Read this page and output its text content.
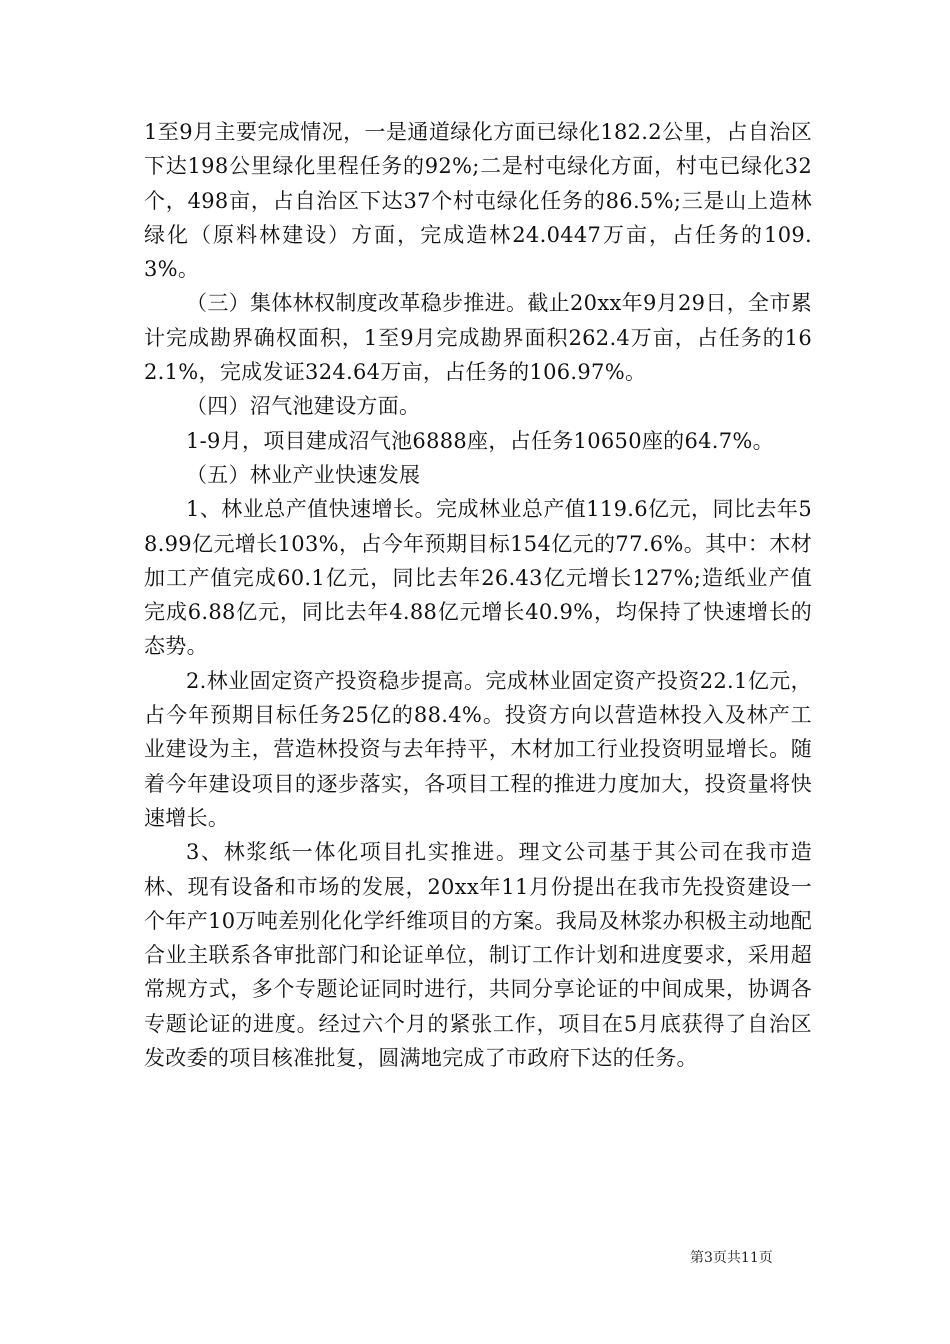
1至9月主要完成情况，一是通道绿化方面已绿化182.2公里，占自治区下达198公里绿化里程任务的92%;二是村屯绿化方面，村屯已绿化32个，498亩，占自治区下达37个村屯绿化任务的86.5%;三是山上造林绿化（原料林建设）方面，完成造林24.0447万亩，占任务的109.3%。

（三）集体林权制度改革稳步推进。截止20xx年9月29日，全市累计完成勘界确权面积，1至9月完成勘界面积262.4万亩，占任务的162.1%，完成发证324.64万亩，占任务的106.97%。

（四）沼气池建设方面。

1-9月，项目建成沼气池6888座，占任务10650座的64.7%。

（五）林业产业快速发展

1、林业总产值快速增长。完成林业总产值119.6亿元，同比去年58.99亿元增长103%，占今年预期目标154亿元的77.6%。其中：木材加工产值完成60.1亿元，同比去年26.43亿元增长127%;造纸业产值完成6.88亿元，同比去年4.88亿元增长40.9%，均保持了快速增长的态势。

2.林业固定资产投资稳步提高。完成林业固定资产投资22.1亿元，占今年预期目标任务25亿的88.4%。投资方向以营造林投入及林产工业建设为主，营造林投资与去年持平，木材加工行业投资明显增长。随着今年建设项目的逐步落实，各项目工程的推进力度加大，投资量将快速增长。

3、林浆纸一体化项目扎实推进。理文公司基于其公司在我市造林、现有设备和市场的发展，20xx年11月份提出在我市先投资建设一个年产10万吨差别化化学纤维项目的方案。我局及林浆办积极主动地配合业主联系各审批部门和论证单位，制订工作计划和进度要求，采用超常规方式，多个专题论证同时进行，共同分享论证的中间成果，协调各专题论证的进度。经过六个月的紧张工作，项目在5月底获得了自治区发改委的项目核准批复，圆满地完成了市政府下达的任务。

第3页共11页
